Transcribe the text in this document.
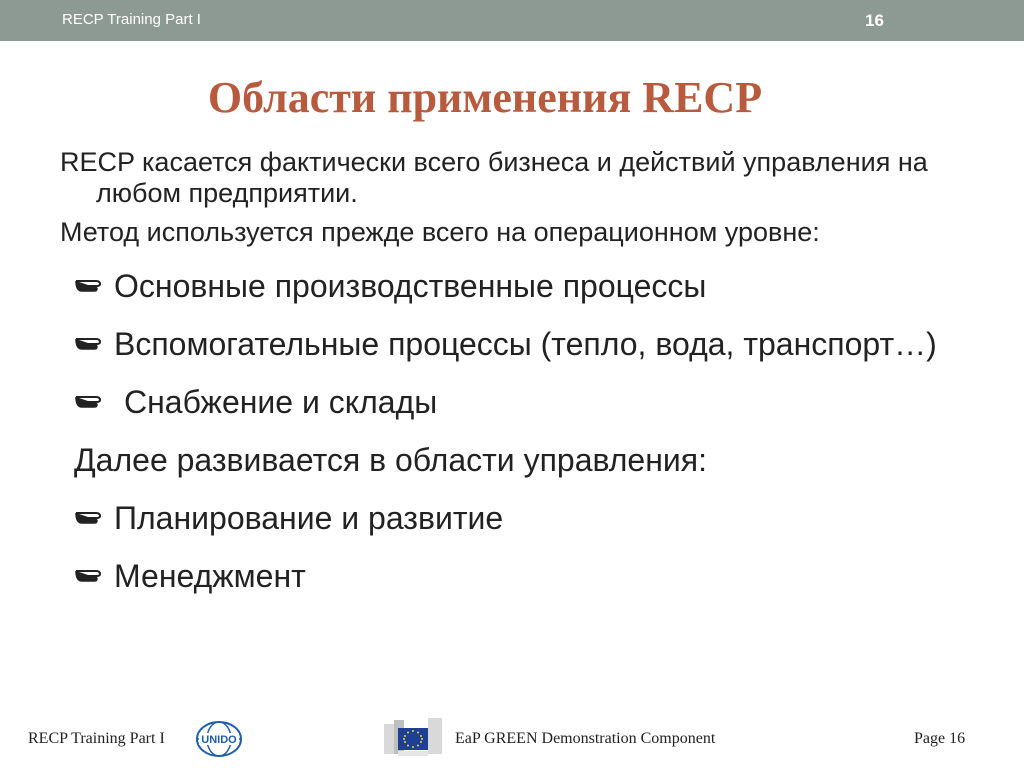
RECP Training Part I	16
Области применения RECP

RECP касается фактически всего бизнеса и действий управления на любом предприятии.

Метод используется прежде всего на операционном уровне:

Основные производственные процессы
Вспомогательные процессы (тепло, вода, транспорт…)
Снабжение и склады
Далее развивается в области управления:
Планирование и развитие
Менеджмент
RECP Training Part I	UNIDO	EaP GREEN Demonstration Component	Page 16
